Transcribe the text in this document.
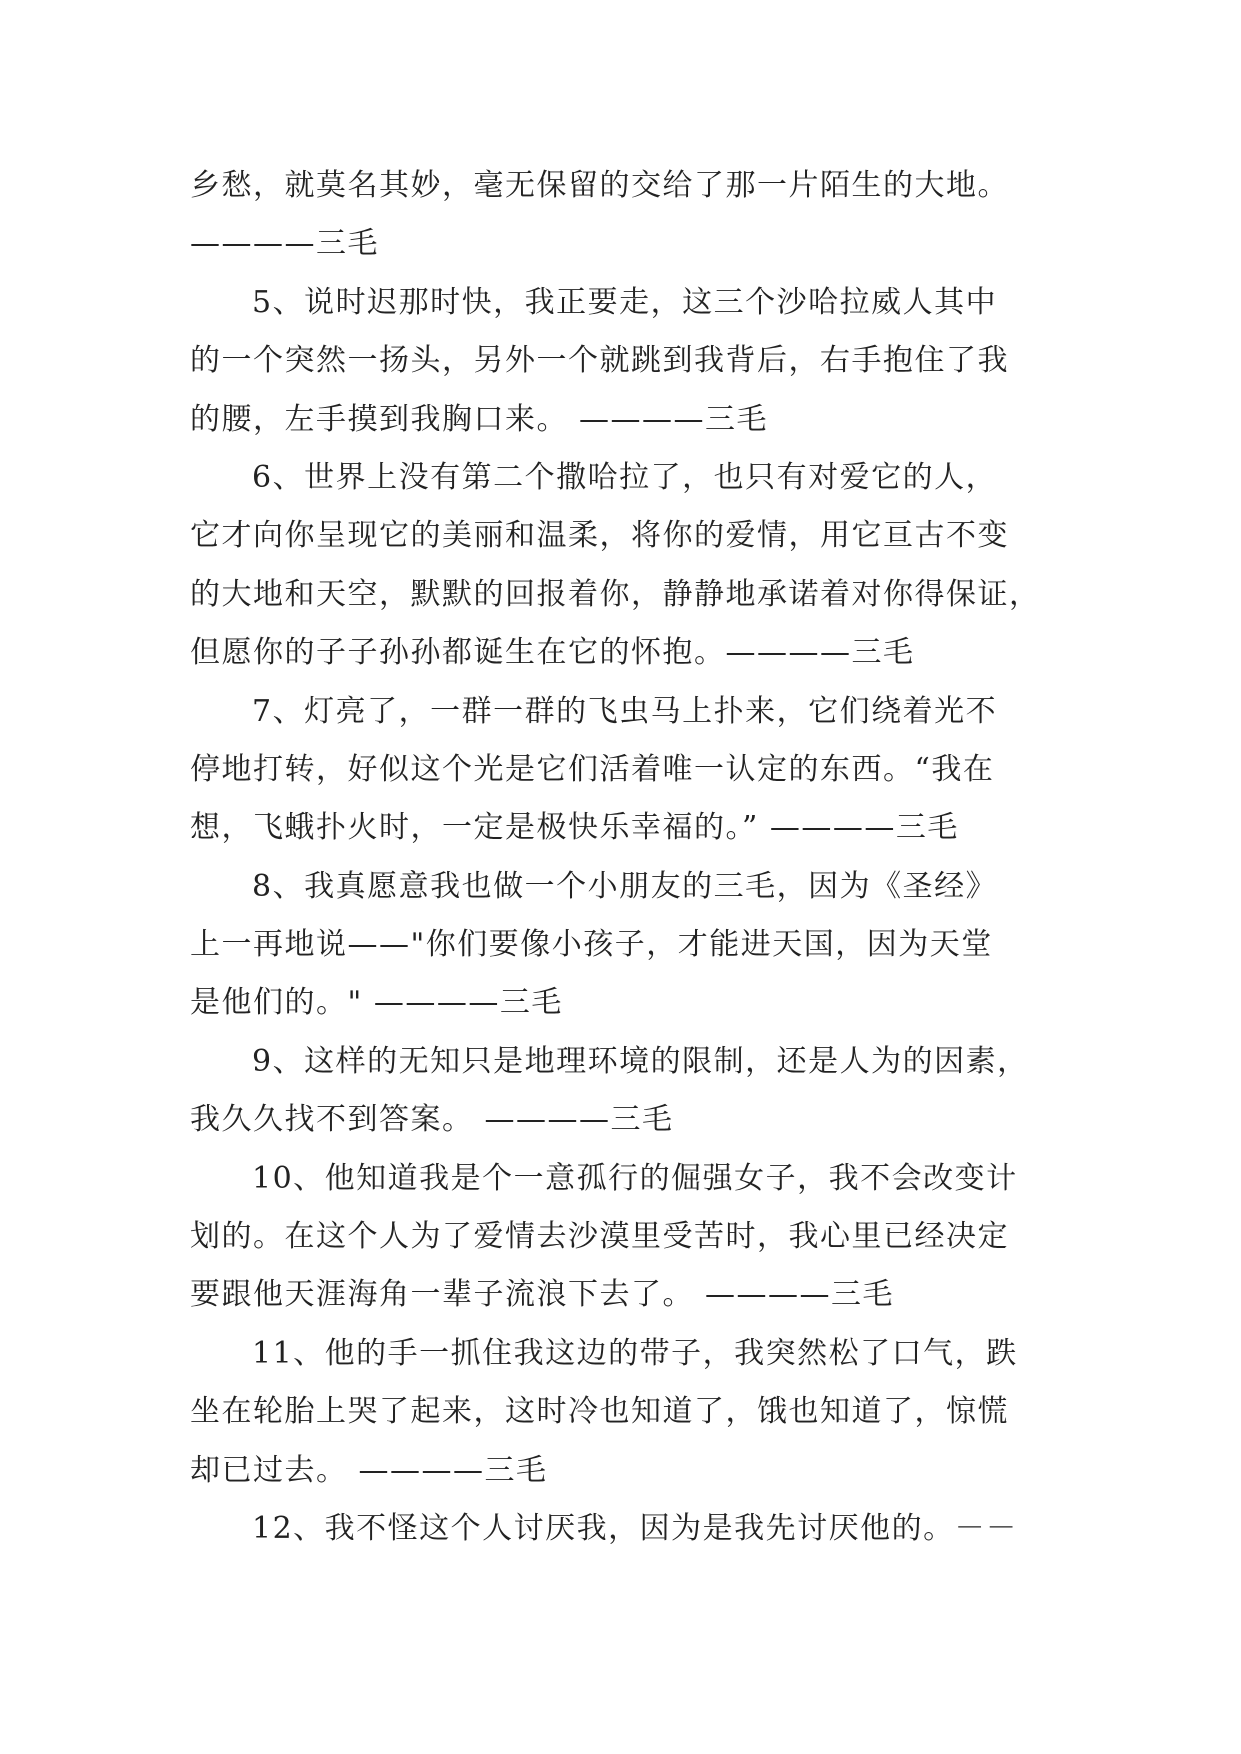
乡愁，就莫名其妙，毫无保留的交给了那一片陌生的大地。
————三毛
5、说时迟那时快，我正要走，这三个沙哈拉威人其中
的一个突然一扬头，另外一个就跳到我背后，右手抱住了我
的腰，左手摸到我胸口来。 ————三毛
6、世界上没有第二个撒哈拉了，也只有对爱它的人，
它才向你呈现它的美丽和温柔，将你的爱情，用它亘古不变
的大地和天空，默默的回报着你，静静地承诺着对你得保证，
但愿你的子子孙孙都诞生在它的怀抱。————三毛
7、灯亮了，一群一群的飞虫马上扑来，它们绕着光不
停地打转，好似这个光是它们活着唯一认定的东西。“我在
想，飞蛾扑火时，一定是极快乐幸福的。” ————三毛
8、我真愿意我也做一个小朋友的三毛，因为《圣经》
上一再地说——"你们要像小孩子，才能进天国，因为天堂
是他们的。" ————三毛
9、这样的无知只是地理环境的限制，还是人为的因素，
我久久找不到答案。 ————三毛
10、他知道我是个一意孤行的倔强女子，我不会改变计
划的。在这个人为了爱情去沙漠里受苦时，我心里已经决定
要跟他天涯海角一辈子流浪下去了。 ————三毛
11、他的手一抓住我这边的带子，我突然松了口气，跌
坐在轮胎上哭了起来，这时冷也知道了，饿也知道了，惊慌
却已过去。 ————三毛
12、我不怪这个人讨厌我，因为是我先讨厌他的。－－
